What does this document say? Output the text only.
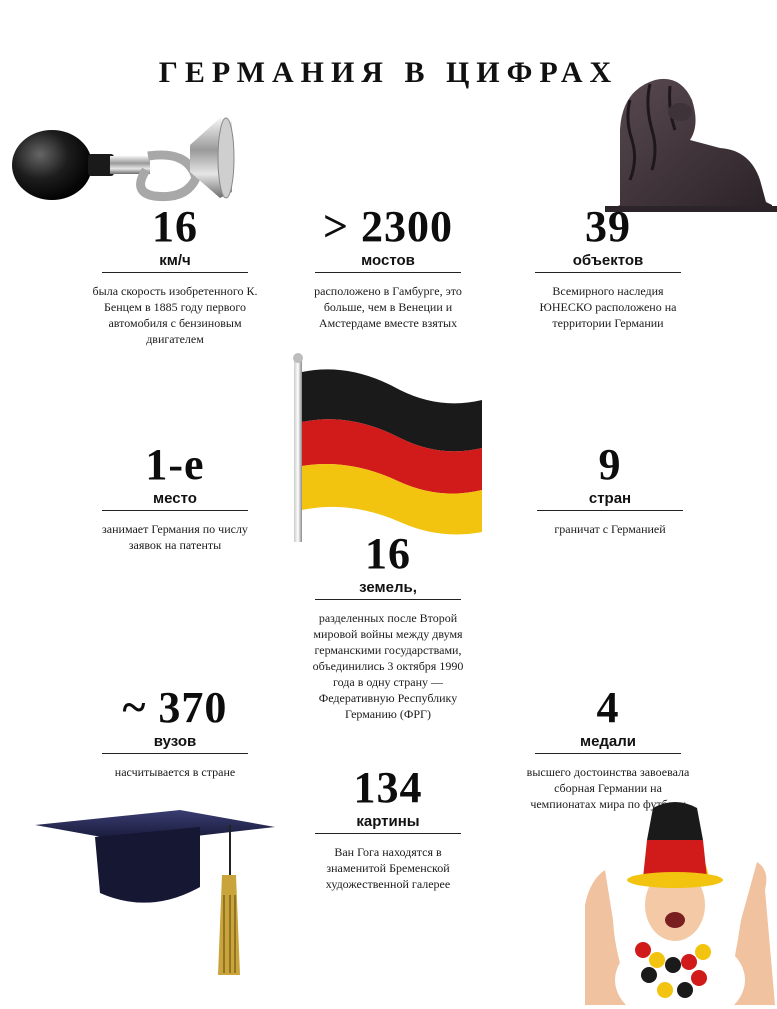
ГЕРМАНИЯ В ЦИФРАХ
16
км/ч
была скорость изобретенного К. Бенцем в 1885 году первого автомобиля с бензиновым двигателем
> 2300
мостов
расположено в Гамбурге, это больше, чем в Венеции и Амстердаме вместе взятых
39
объектов
Всемирного наследия ЮНЕСКО расположено на территории Германии
1-е
место
занимает Германия по числу заявок на патенты
9
стран
граничат с Германией
16
земель,
разделенных после Второй мировой войны между двумя германскими государствами, объединились 3 октября 1990 года в одну страну — Федеративную Республику Германию (ФРГ)
~ 370
вузов
насчитывается в стране
4
медали
высшего достоинства завоевала сборная Германии на чемпионатах мира по футболу
134
картины
Ван Гога находятся в знаменитой Бременской художественной галерее
